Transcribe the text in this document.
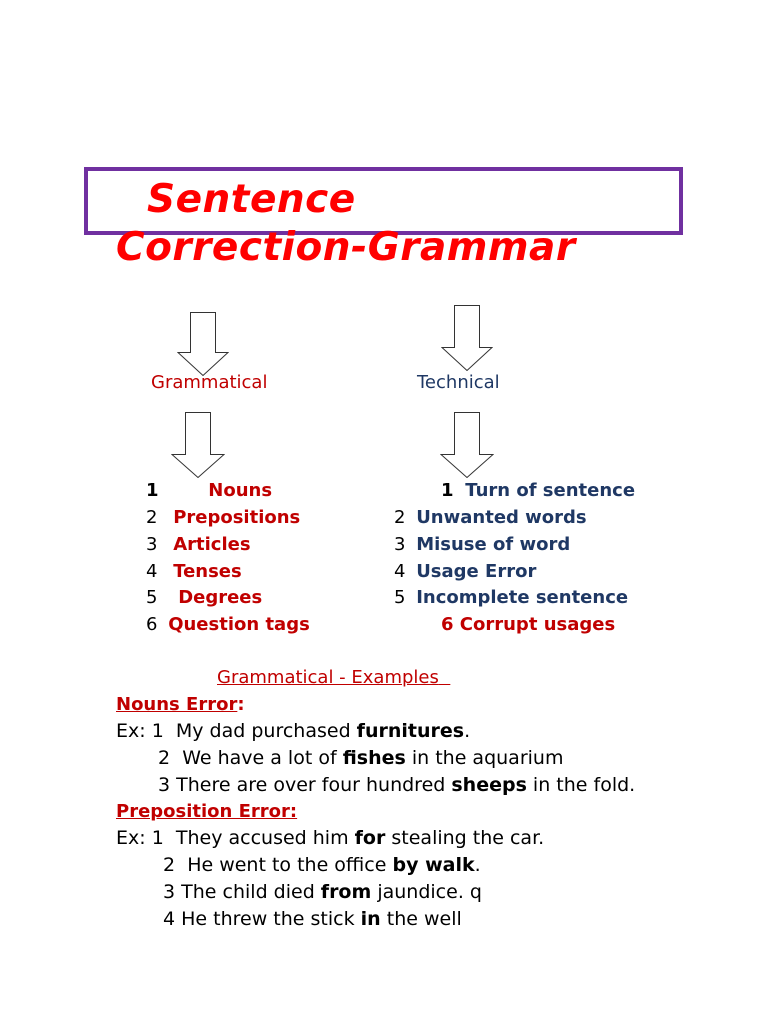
Sentence
Correction-Grammar
Grammatical	Technical
1	Nouns
2 Prepositions
3 Articles
4 Tenses
5 Degrees
6 Question tags
1 Turn of sentence
2 Unwanted words
3 Misuse of word
4 Usage Error
5 Incomplete sentence
6 Corrupt usages
Grammatical - Examples
Nouns Error:
Ex: 1 My dad purchased furnitures.
2 We have a lot of fishes in the aquarium
3 There are over four hundred sheeps in the fold.
Preposition Error:
Ex: 1 They accused him for stealing the car.
2 He went to the office by walk.
3 The child died from jaundice. q
4 He threw the stick in the well
